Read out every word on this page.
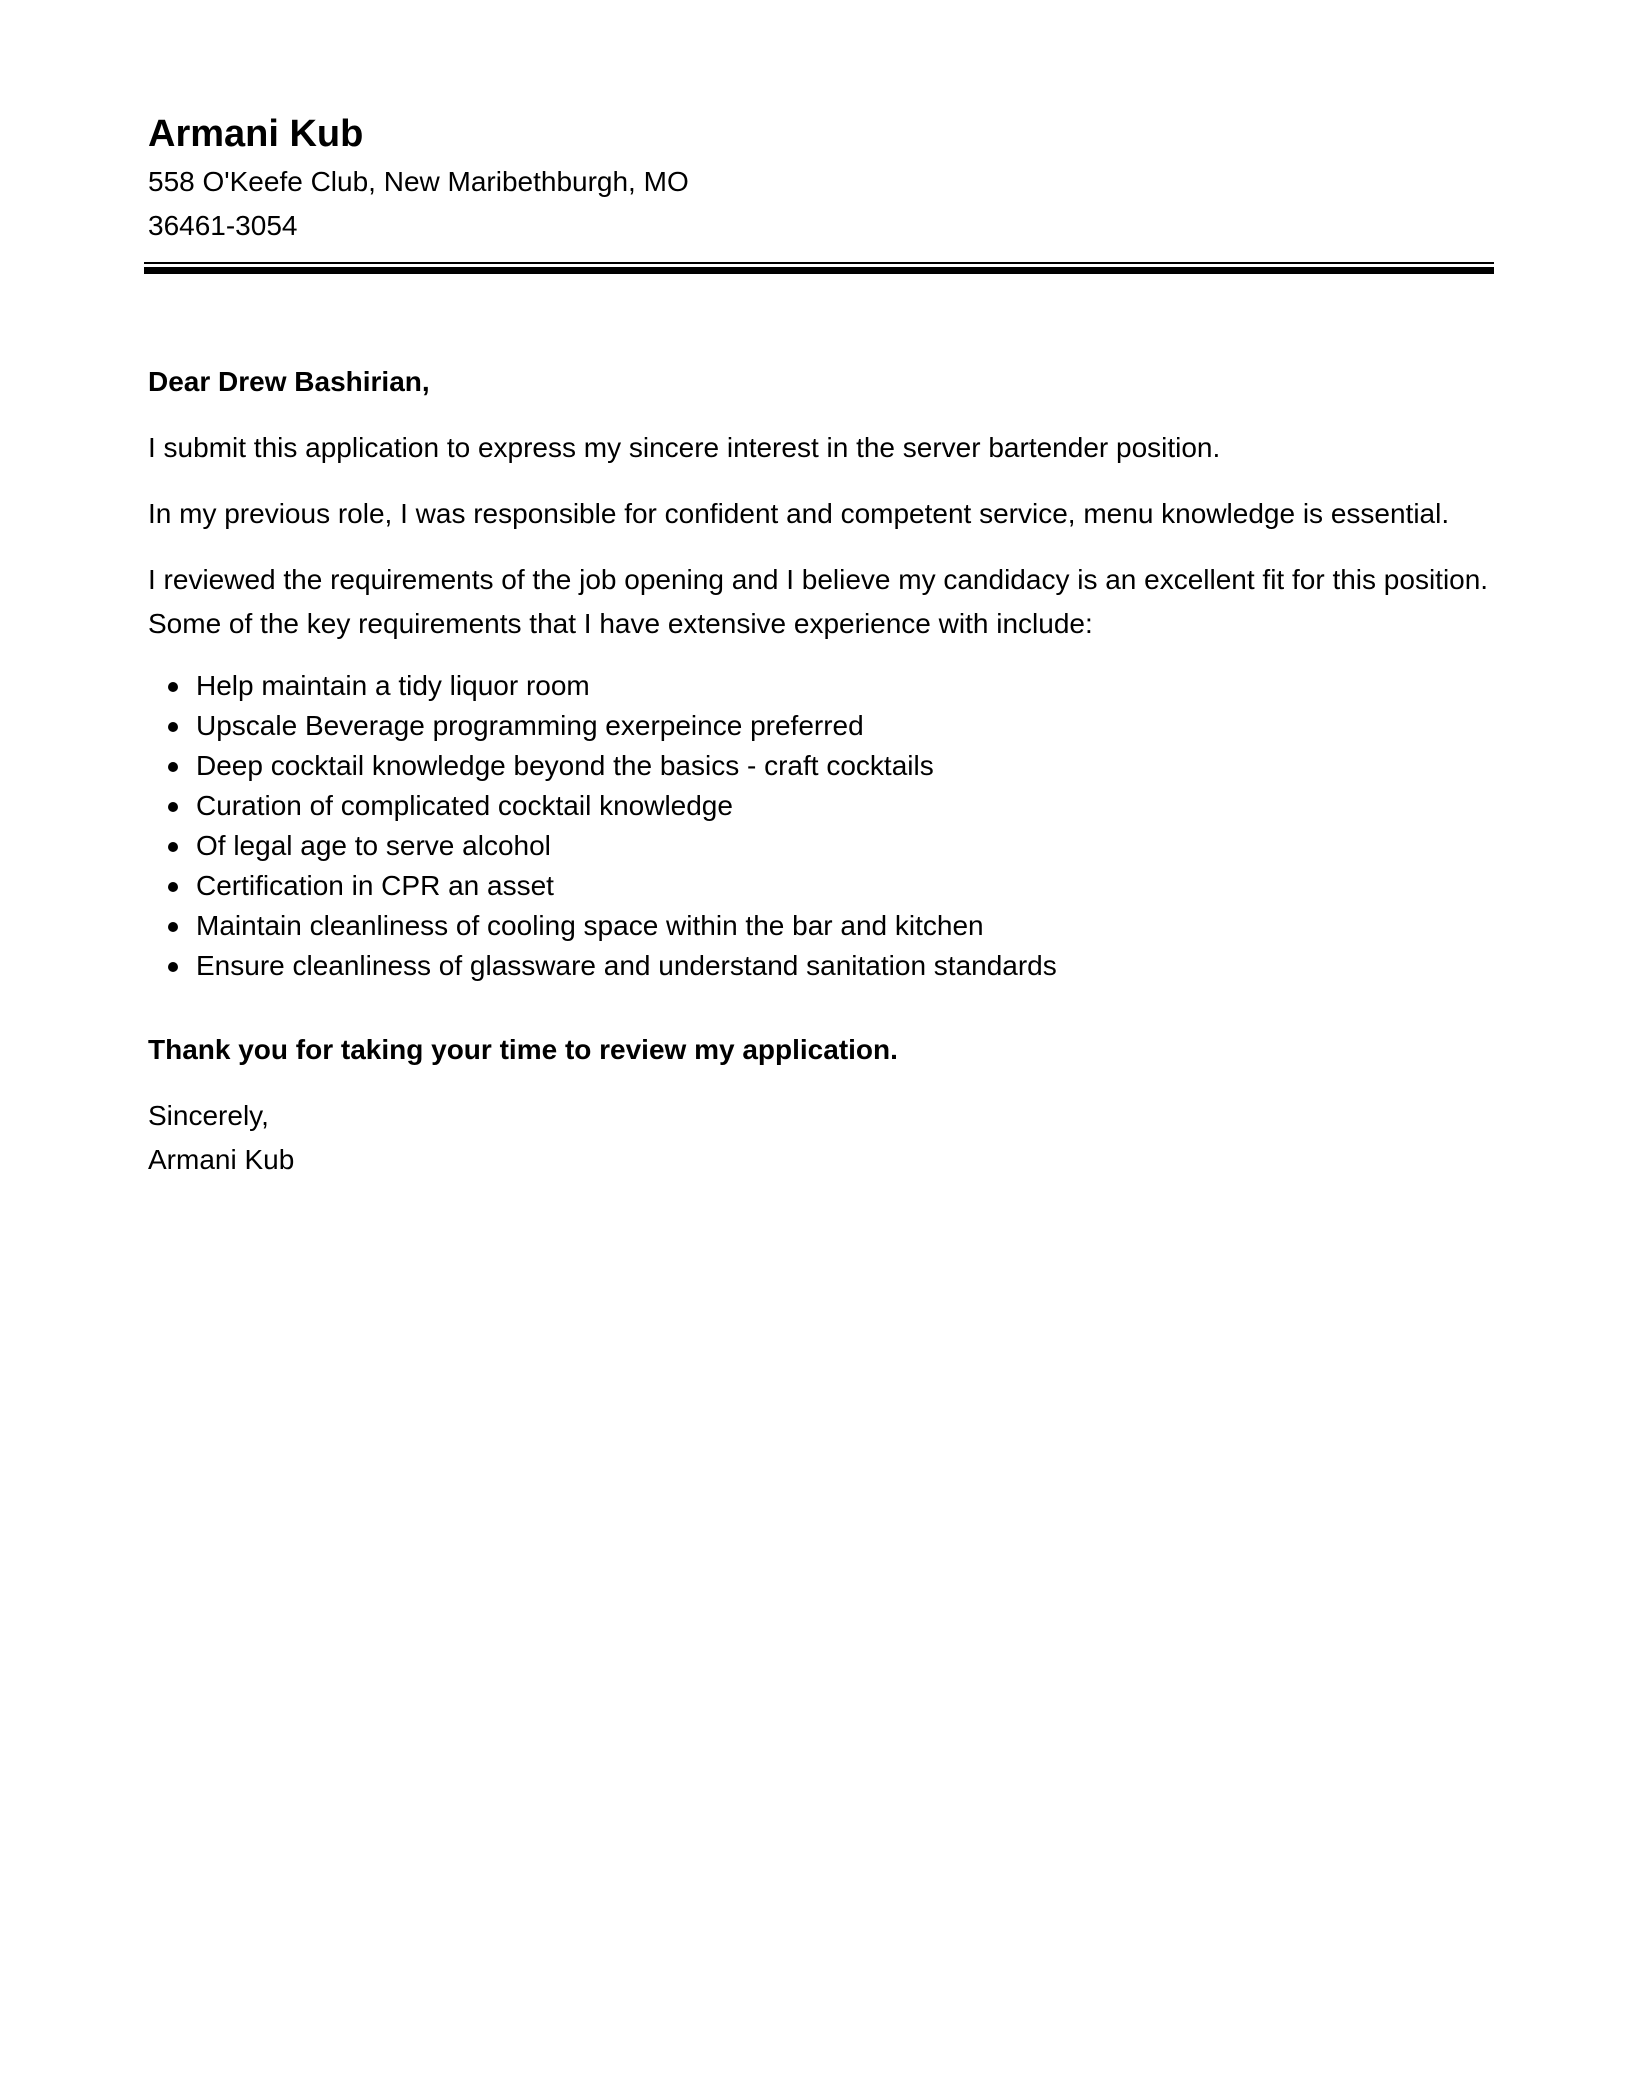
Armani Kub
558 O'Keefe Club, New Maribethburgh, MO
36461-3054
Dear Drew Bashirian,

I submit this application to express my sincere interest in the server bartender position.

In my previous role, I was responsible for confident and competent service, menu knowledge is essential.

I reviewed the requirements of the job opening and I believe my candidacy is an excellent fit for this position. Some of the key requirements that I have extensive experience with include:

Help maintain a tidy liquor room
Upscale Beverage programming exerpeince preferred
Deep cocktail knowledge beyond the basics - craft cocktails
Curation of complicated cocktail knowledge
Of legal age to serve alcohol
Certification in CPR an asset
Maintain cleanliness of cooling space within the bar and kitchen
Ensure cleanliness of glassware and understand sanitation standards
Thank you for taking your time to review my application.
Sincerely,
Armani Kub
